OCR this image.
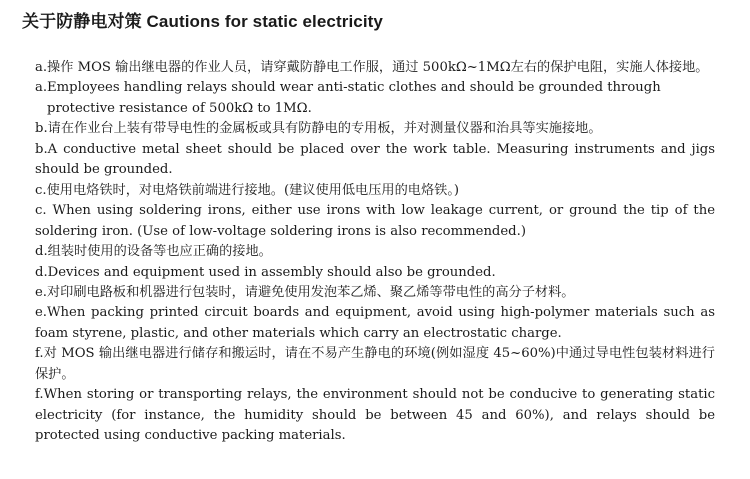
关于防静电对策 Cautions for static electricity

a.操作 MOS 输出继电器的作业人员，请穿戴防静电工作服，通过 500kΩ~1MΩ左右的保护电阻，实施人体接地。

a.Employees handling relays should wear anti-static clothes and should be grounded through protective resistance of 500kΩ to 1MΩ.

b.请在作业台上装有带导电性的金属板或具有防静电的专用板，并对测量仪器和治具等实施接地。

b.A conductive metal sheet should be placed over the work table. Measuring instruments and jigs should be grounded.

c.使用电烙铁时，对电烙铁前端进行接地。(建议使用低电压用的电烙铁。)

c. When using soldering irons, either use irons with low leakage current, or ground the tip of the soldering iron. (Use of low-voltage soldering irons is also recommended.)

d.组装时使用的设备等也应正确的接地。

d.Devices and equipment used in assembly should also be grounded.

e.对印刷电路板和机器进行包装时，请避免使用发泡苯乙烯、聚乙烯等带电性的高分子材料。

e.When packing printed circuit boards and equipment, avoid using high-polymer materials such as foam styrene, plastic, and other materials which carry an electrostatic charge.

f.对 MOS 输出继电器进行储存和搬运时，请在不易产生静电的环境(例如湿度 45~60%)中通过导电性包装材料进行保护。

f.When storing or transporting relays, the environment should not be conducive to generating static electricity (for instance, the humidity should be between 45 and 60%), and relays should be protected using conductive packing materials.
